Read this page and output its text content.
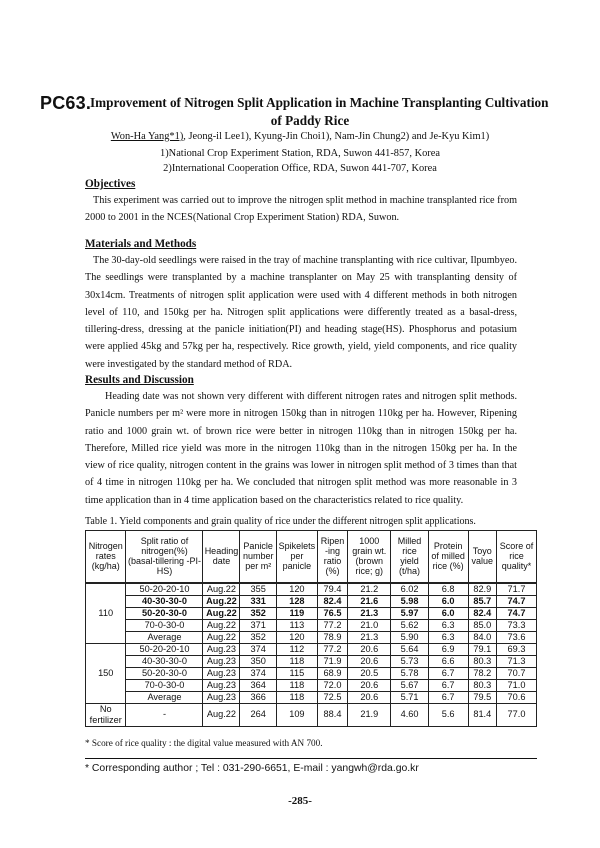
PC63.
Improvement of Nitrogen Split Application in Machine Transplanting Cultivation
of Paddy Rice
Won-Ha Yang*1), Jeong-il Lee1), Kyung-Jin Choi1), Nam-Jin Chung2) and Je-Kyu Kim1)
1)National Crop Experiment Station, RDA, Suwon 441-857, Korea
2)International Cooperation Office, RDA, Suwon 441-707, Korea
Objectives
This experiment was carried out to improve the nitrogen split method in machine transplanted rice from 2000 to 2001 in the NCES(National Crop Experiment Station) RDA, Suwon.
Materials and Methods
The 30-day-old seedlings were raised in the tray of machine transplanting with rice cultivar, Ilpumbyeo. The seedlings were transplanted by a machine transplanter on May 25 with transplanting density of 30x14cm. Treatments of nitrogen split application were used with 4 different methods in both nitrogen level of 110, and 150kg per ha. Nitrogen split applications were differently treated as a basal-dress, tillering-dress, dressing at the panicle initiation(PI) and heading stage(HS). Phosphorus and potasium were applied 45kg and 57kg per ha, respectively. Rice growth, yield, yield components, and rice quality were investigated by the standard method of RDA.
Results and Discussion
Heading date was not shown very different with different nitrogen rates and nitrogen split methods. Panicle numbers per m² were more in nitrogen 150kg than in nitrogen 110kg per ha. However, Ripening ratio and 1000 grain wt. of brown rice were better in nitrogen 110kg than in nitrogen 150kg per ha. Therefore, Milled rice yield was more in the nitrogen 110kg than in the nitrogen 150kg per ha. In the view of rice quality, nitrogen content in the grains was lower in nitrogen split method of 3 times than that of 4 time in nitrogen 110kg per ha. We concluded that nitrogen split method was more reasonable in 3 time application than in 4 time application based on the characteristics related to rice quality.
Table 1. Yield components and grain quality of rice under the different nitrogen split applications.
Nitrogen rates (kg/ha)	Split ratio of nitrogen(%) (basal-tillering -PI-HS)	Heading date	Panicle number per m²	Spikelets per panicle	Ripen -ing ratio (%)	1000 grain wt. (brown rice; g)	Milled rice yield (t/ha)	Protein of milled rice (%)	Toyo value	Score of rice quality*
110	50-20-20-10	Aug.22	355	120	79.4	21.2	6.02	6.8	82.9	71.7
	40-30-30-0	Aug.22	331	128	82.4	21.6	5.98	6.0	85.7	74.7
	50-20-30-0	Aug.22	352	119	76.5	21.3	5.97	6.0	82.4	74.7
	70-0-30-0	Aug.22	371	113	77.2	21.0	5.62	6.3	85.0	73.3
	Average	Aug.22	352	120	78.9	21.3	5.90	6.3	84.0	73.6
150	50-20-20-10	Aug.23	374	112	77.2	20.6	5.64	6.9	79.1	69.3
	40-30-30-0	Aug.23	350	118	71.9	20.6	5.73	6.6	80.3	71.3
	50-20-30-0	Aug.23	374	115	68.9	20.5	5.78	6.7	78.2	70.7
	70-0-30-0	Aug.23	364	118	72.0	20.6	5.67	6.7	80.3	71.0
	Average	Aug.23	366	118	72.5	20.6	5.71	6.7	79.5	70.6
No fertilizer	-	Aug.22	264	109	88.4	21.9	4.60	5.6	81.4	77.0
* Score of rice quality : the digital value measured with AN 700.
* Corresponding author ; Tel : 031-290-6651, E-mail : yangwh@rda.go.kr
-285-
